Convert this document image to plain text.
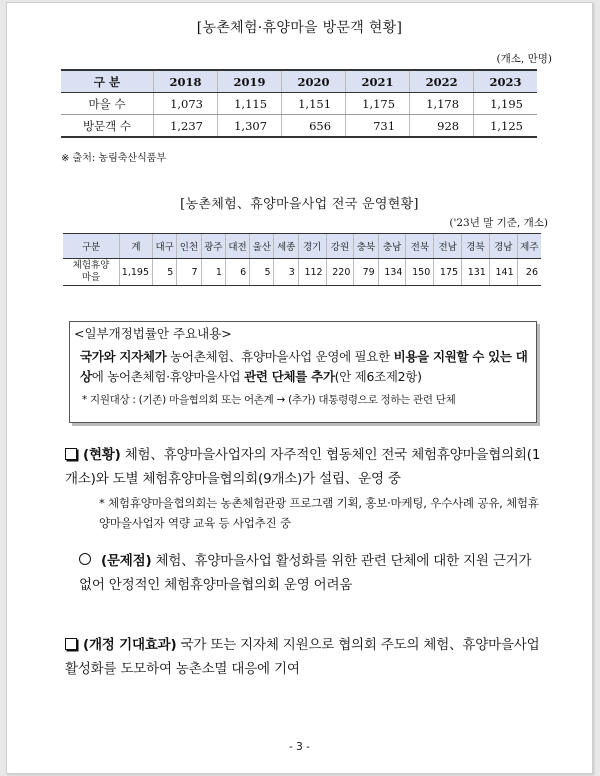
[농촌체험·휴양마을 방문객 현황]
(개소, 만명)
구 분	2018	2019	2020	2021	2022	2023
마을 수	1,073	1,115	1,151	1,175	1,178	1,195
방문객 수	1,237	1,307	656	731	928	1,125
※ 출처: 농림축산식품부
[농촌체험、휴양마을사업 전국 운영현황]
('23년 말 기준, 개소)
구분	계	대구	인천	광주	대전	울산	세종	경기	강원	충북	충남	전북	전남	경북	경남	제주
체험휴양
마을	1,195	5	7	1	6	5	3	112	220	79	134	150	175	131	141	26
<일부개정법률안 주요내용>
국가와 지자체가 농어촌체험、휴양마을사업 운영에 필요한 비용을 지원할 수 있는 대상에 농어촌체험·휴양마을사업 관련 단체를 추가(안 제6조제2항)
* 지원대상 : (기존) 마을협의회 또는 어촌계 → (추가) 대통령령으로 정하는 관련 단체
(현황) 체험、휴양마을사업자의 자주적인 협동체인 전국 체험휴양마을협의회(1개소)와 도별 체험휴양마을협의회(9개소)가 설립、운영 중
* 체험휴양마을협의회는 농촌체험관광 프로그램 기획, 홍보·마케팅, 우수사례 공유, 체험휴양마을사업자 역량 교육 등 사업추진 중
(문제점) 체험、휴양마을사업 활성화를 위한 관련 단체에 대한 지원 근거가 없어 안정적인 체험휴양마을협의회 운영 어려움
(개정 기대효과) 국가 또는 지자체 지원으로 협의회 주도의 체험、휴양마을사업 활성화를 도모하여 농촌소멸 대응에 기여
- 3 -
